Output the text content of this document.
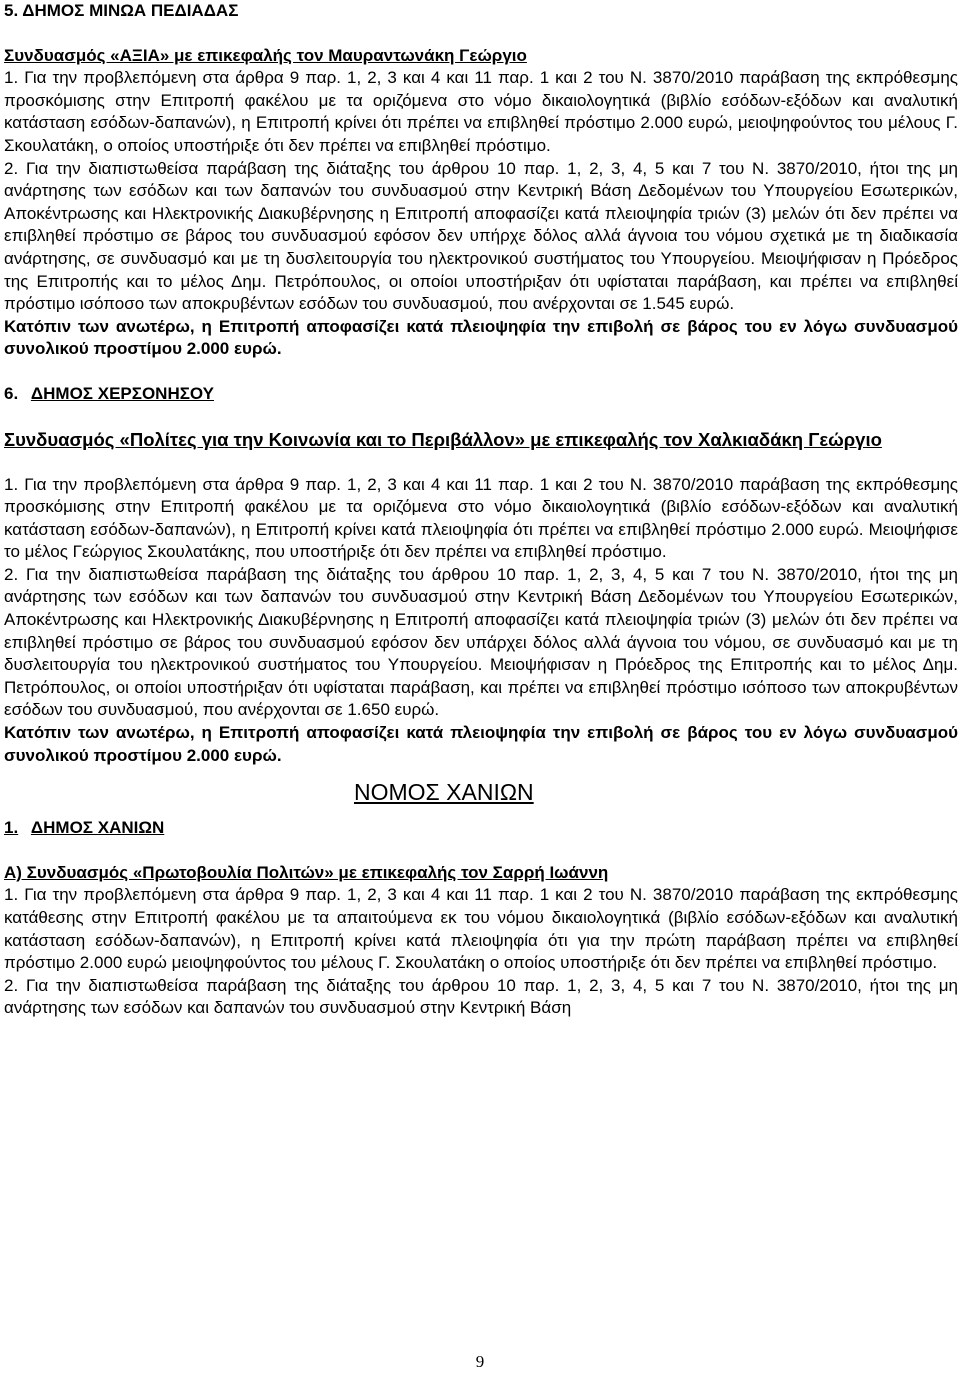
5. ΔΗΜΟΣ ΜΙΝΩΑ ΠΕΔΙΑΔΑΣ

Συνδυασμός «ΑΞΙΑ» με επικεφαλής τον Μαυραντωνάκη Γεώργιο

1. Για την προβλεπόμενη στα άρθρα 9 παρ. 1, 2, 3 και 4 και 11 παρ. 1 και 2 του Ν. 3870/2010 παράβαση της εκπρόθεσμης προσκόμισης στην Επιτροπή φακέλου με τα οριζόμενα στο νόμο δικαιολογητικά (βιβλίο εσόδων-εξόδων και αναλυτική κατάσταση εσόδων-δαπανών), η Επιτροπή κρίνει ότι πρέπει να επιβληθεί πρόστιμο 2.000 ευρώ, μειοψηφούντος του μέλους Γ. Σκουλατάκη, ο οποίος υποστήριξε ότι δεν πρέπει να επιβληθεί πρόστιμο.

2. Για την διαπιστωθείσα παράβαση της διάταξης του άρθρου 10 παρ. 1, 2, 3, 4, 5 και 7 του Ν. 3870/2010, ήτοι της μη ανάρτησης των εσόδων και των δαπανών του συνδυασμού στην Κεντρική Βάση Δεδομένων του Υπουργείου Εσωτερικών, Αποκέντρωσης και Ηλεκτρονικής Διακυβέρνησης η Επιτροπή αποφασίζει κατά πλειοψηφία τριών (3) μελών ότι δεν πρέπει να επιβληθεί πρόστιμο σε βάρος του συνδυασμού εφόσον δεν υπήρχε δόλος αλλά άγνοια του νόμου σχετικά με τη διαδικασία ανάρτησης, σε συνδυασμό και με τη δυσλειτουργία του ηλεκτρονικού συστήματος του Υπουργείου. Μειοψήφισαν η Πρόεδρος της Επιτροπής και το μέλος Δημ. Πετρόπουλος, οι οποίοι υποστήριξαν ότι υφίσταται παράβαση, και πρέπει να επιβληθεί πρόστιμο ισόποσο των αποκρυβέντων εσόδων του συνδυασμού, που ανέρχονται σε 1.545 ευρώ.

Κατόπιν των ανωτέρω, η Επιτροπή αποφασίζει κατά πλειοψηφία την επιβολή σε βάρος του εν λόγω συνδυασμού συνολικού προστίμου 2.000 ευρώ.

6. ΔΗΜΟΣ ΧΕΡΣΟΝΗΣΟΥ

Συνδυασμός «Πολίτες για την Κοινωνία και το Περιβάλλον» με επικεφαλής τον Χαλκιαδάκη Γεώργιο

1. Για την προβλεπόμενη στα άρθρα 9 παρ. 1, 2, 3 και 4 και 11 παρ. 1 και 2 του Ν. 3870/2010 παράβαση της εκπρόθεσμης προσκόμισης στην Επιτροπή φακέλου με τα οριζόμενα στο νόμο δικαιολογητικά (βιβλίο εσόδων-εξόδων και αναλυτική κατάσταση εσόδων-δαπανών), η Επιτροπή κρίνει κατά πλειοψηφία ότι πρέπει να επιβληθεί πρόστιμο 2.000 ευρώ. Μειοψήφισε το μέλος Γεώργιος Σκουλατάκης, που υποστήριξε ότι δεν πρέπει να επιβληθεί πρόστιμο.

2. Για την διαπιστωθείσα παράβαση της διάταξης του άρθρου 10 παρ. 1, 2, 3, 4, 5 και 7 του Ν. 3870/2010, ήτοι της μη ανάρτησης των εσόδων και των δαπανών του συνδυασμού στην Κεντρική Βάση Δεδομένων του Υπουργείου Εσωτερικών, Αποκέντρωσης και Ηλεκτρονικής Διακυβέρνησης η Επιτροπή αποφασίζει κατά πλειοψηφία τριών (3) μελών ότι δεν πρέπει να επιβληθεί πρόστιμο σε βάρος του συνδυασμού εφόσον δεν υπάρχει δόλος αλλά άγνοια του νόμου, σε συνδυασμό και με τη δυσλειτουργία του ηλεκτρονικού συστήματος του Υπουργείου. Μειοψήφισαν η Πρόεδρος της Επιτροπής και το μέλος Δημ. Πετρόπουλος, οι οποίοι υποστήριξαν ότι υφίσταται παράβαση, και πρέπει να επιβληθεί πρόστιμο ισόποσο των αποκρυβέντων εσόδων του συνδυασμού, που ανέρχονται σε 1.650 ευρώ.

Κατόπιν των ανωτέρω, η Επιτροπή αποφασίζει κατά πλειοψηφία την επιβολή σε βάρος του εν λόγω συνδυασμού συνολικού προστίμου 2.000 ευρώ.

ΝΟΜΟΣ ΧΑΝΙΩΝ

1. ΔΗΜΟΣ ΧΑΝΙΩΝ

Α) Συνδυασμός «Πρωτοβουλία Πολιτών» με επικεφαλής τον Σαρρή Ιωάννη

1. Για την προβλεπόμενη στα άρθρα 9 παρ. 1, 2, 3 και 4 και 11 παρ. 1 και 2 του Ν. 3870/2010 παράβαση της εκπρόθεσμης κατάθεσης στην Επιτροπή φακέλου με τα απαιτούμενα εκ του νόμου δικαιολογητικά (βιβλίο εσόδων-εξόδων και αναλυτική κατάσταση εσόδων-δαπανών), η Επιτροπή κρίνει κατά πλειοψηφία ότι για την πρώτη παράβαση πρέπει να επιβληθεί πρόστιμο 2.000 ευρώ μειοψηφούντος του μέλους Γ. Σκουλατάκη ο οποίος υποστήριξε ότι δεν πρέπει να επιβληθεί πρόστιμο.

2. Για την διαπιστωθείσα παράβαση της διάταξης του άρθρου 10 παρ. 1, 2, 3, 4, 5 και 7 του Ν. 3870/2010, ήτοι της μη ανάρτησης των εσόδων και δαπανών του συνδυασμού στην Κεντρική Βάση

9
